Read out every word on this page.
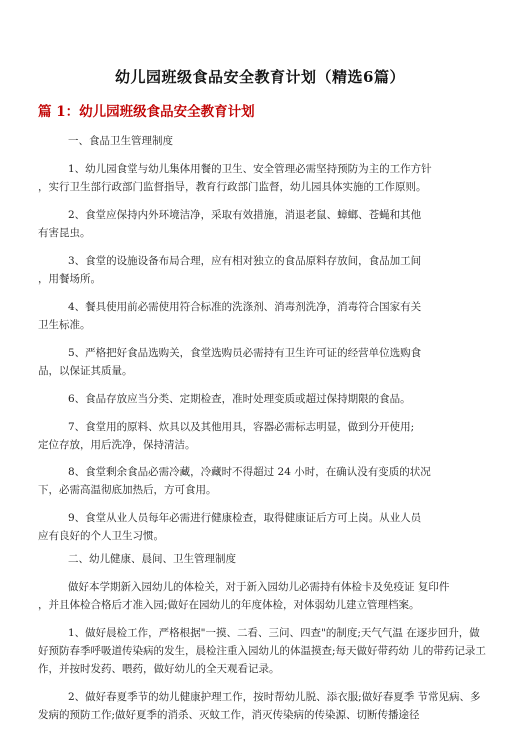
幼儿园班级食品安全教育计划（精选6篇）
篇 1：幼儿园班级食品安全教育计划

一、食品卫生管理制度

1、幼儿园食堂与幼儿集体用餐的卫生、安全管理必需坚持预防为主的工作方针
，实行卫生部行政部门监督指导，教育行政部门监督，幼儿园具体实施的工作原则。
2、食堂应保持内外环境洁净，采取有效措施，消退老鼠、蟑螂、苍蝇和其他
有害昆虫。
3、食堂的设施设备布局合理，应有相对独立的食品原料存放间，食品加工间
，用餐场所。
4、餐具使用前必需使用符合标准的洗涤剂、消毒剂洗净，消毒符合国家有关
卫生标准。
5、严格把好食品选购关，食堂选购员必需持有卫生许可证的经营单位选购食
品，以保证其质量。
6、食品存放应当分类、定期检查，准时处理变质或超过保持期限的食品。
7、食堂用的原料、炊具以及其他用具，容器必需标志明显，做到分开使用;
定位存放，用后洗净，保持清洁。
8、食堂剩余食品必需冷藏，冷藏时不得超过 24 小时，在确认没有变质的状况
下，必需高温彻底加热后，方可食用。
9、食堂从业人员每年必需进行健康检查，取得健康证后方可上岗。从业人员
应有良好的个人卫生习惯。

二、幼儿健康、晨间、卫生管理制度

做好本学期新入园幼儿的体检关，对于新入园幼儿必需持有体检卡及免疫证 复印件
，并且体检合格后才准入园;做好在园幼儿的年度体检，对体弱幼儿建立管理档案。
1、做好晨检工作，严格根据"一摸、二看、三问、四查"的制度;天气气温 在逐步回升，做
好预防春季呼吸道传染病的发生，晨检注重入园幼儿的体温摸查;每天做好带药幼 儿的带药记录工
作，并按时发药、喂药，做好幼儿的全天观看记录。
2、做好春夏季节的幼儿健康护理工作，按时帮幼儿脱、添衣服;做好春夏季 节常见病、多
发病的预防工作;做好夏季的消杀、灭蚊工作，消灭传染病的传染源、切断传播途径
